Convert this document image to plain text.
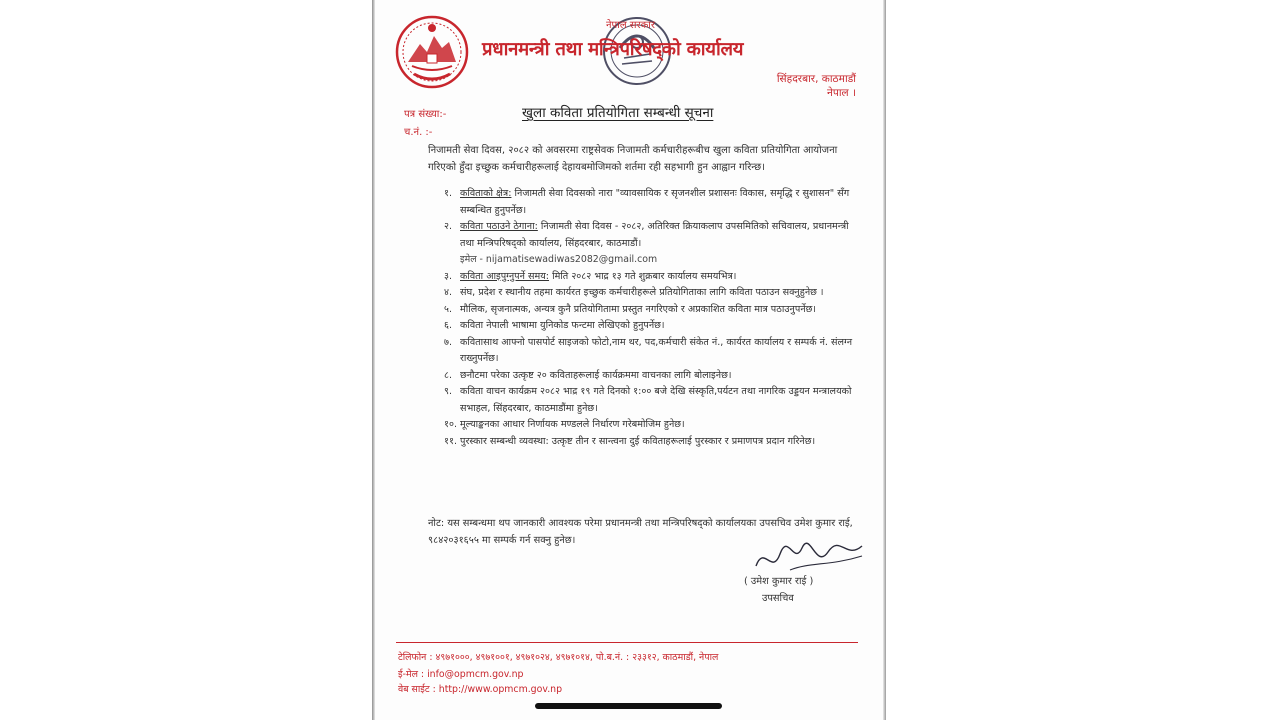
नेपाल सरकार
प्रधानमन्त्री तथा मन्त्रिपरिषद्को कार्यालय
सिंहदरबार, काठमाडौं
नेपाल ।
पत्र संख्या:-
च.नं. :-
खुला कविता प्रतियोगिता सम्बन्धी सूचना
निजामती सेवा दिवस, २०८२ को अवसरमा राष्ट्रसेवक निजामती कर्मचारीहरूबीच खुला कविता प्रतियोगिता आयोजना गरिएको हुँदा इच्छुक कर्मचारीहरूलाई देहायबमोजिमको शर्तमा रही सहभागी हुन आह्वान गरिन्छ।
१. कविताको क्षेत्र: निजामती सेवा दिवसको नारा "व्यावसायिक र सृजनशील प्रशासनः विकास, समृद्धि र सुशासन" सँग सम्बन्धित हुनुपर्नेछ।
२. कविता पठाउने ठेगाना: निजामती सेवा दिवस - २०८२, अतिरिक्त क्रियाकलाप उपसमितिको सचिवालय, प्रधानमन्त्री तथा मन्त्रिपरिषद्को कार्यालय, सिंहदरबार, काठमाडौं।
इमेल - nijamatisewadiwas2082@gmail.com
३. कविता आइपुग्नुपर्ने समय: मिति २०८२ भाद्र १३ गते शुक्रबार कार्यालय समयभित्र।
४. संघ, प्रदेश र स्थानीय तहमा कार्यरत इच्छुक कर्मचारीहरूले प्रतियोगिताका लागि कविता पठाउन सक्नुहुनेछ ।
५. मौलिक, सृजनात्मक, अन्यत्र कुनै प्रतियोगितामा प्रस्तुत नगरिएको र अप्रकाशित कविता मात्र पठाउनुपर्नेछ।
६. कविता नेपाली भाषामा युनिकोड फन्टमा लेखिएको हुनुपर्नेछ।
७. कवितासाथ आफ्नो पासपोर्ट साइजको फोटो,नाम थर, पद,कर्मचारी संकेत नं., कार्यरत कार्यालय र सम्पर्क नं. संलग्न राख्नुपर्नेछ।
८. छनौटमा परेका उत्कृष्ट २० कविताहरूलाई कार्यक्रममा वाचनका लागि बोलाइनेछ।
९. कविता वाचन कार्यक्रम २०८२ भाद्र १९ गते दिनको १:०० बजे देखि संस्कृति,पर्यटन तथा नागरिक उड्डयन मन्त्रालयको सभाहल, सिंहदरबार, काठमाडौंमा हुनेछ।
१०. मूल्याङ्कनका आधार निर्णायक मण्डलले निर्धारण गरेबमोजिम हुनेछ।
११. पुरस्कार सम्बन्धी व्यवस्था: उत्कृष्ट तीन र सान्त्वना दुई कविताहरूलाई पुरस्कार र प्रमाणपत्र प्रदान गरिनेछ।
नोट: यस सम्बन्धमा थप जानकारी आवश्यक परेमा प्रधानमन्त्री तथा मन्त्रिपरिषद्को कार्यालयका उपसचिव उमेश कुमार राई, ९८४२०३१६५५ मा सम्पर्क गर्न सक्नु हुनेछ।
( उमेश कुमार राई )
उपसचिव
टेलिफोन : ४९७१०००, ४९७१००१, ४९७१०२४, ४९७१०१४, पो.ब.नं. : २३३१२, काठमाडौं, नेपाल
ई-मेल : info@opmcm.gov.np
वेब साईट : http://www.opmcm.gov.np
